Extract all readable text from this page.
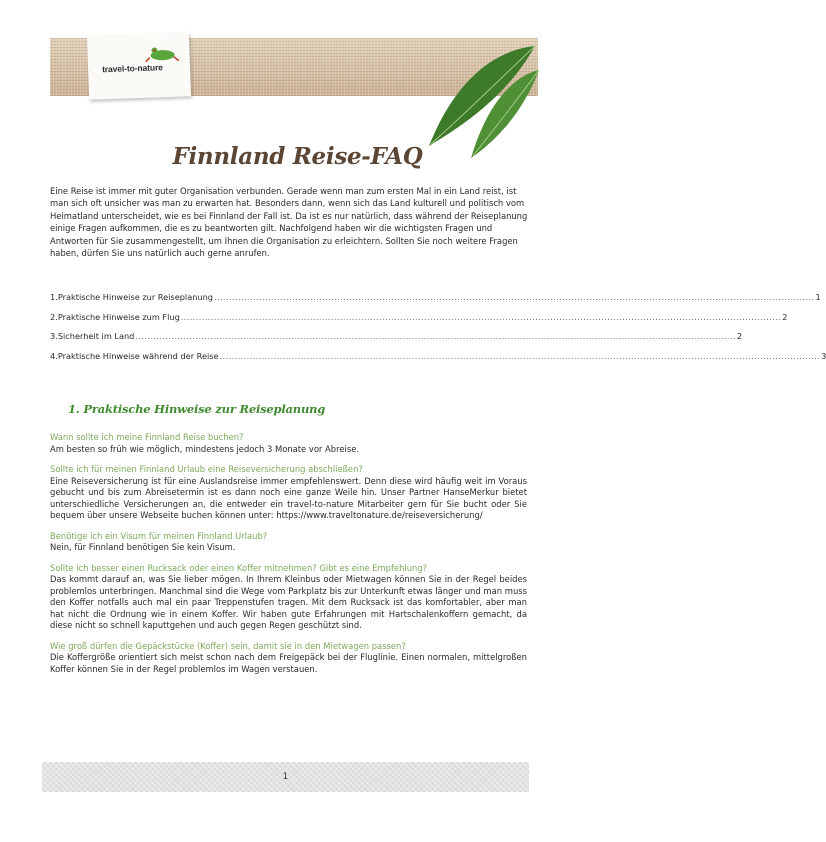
travel-to-nature
Finnland Reise-FAQ

Eine Reise ist immer mit guter Organisation verbunden. Gerade wenn man zum ersten Mal in ein Land reist, ist man sich oft unsicher was man zu erwarten hat. Besonders dann, wenn sich das Land kulturell und politisch vom Heimatland unterscheidet, wie es bei Finnland der Fall ist. Da ist es nur natürlich, dass während der Reiseplanung einige Fragen aufkommen, die es zu beantworten gilt. Nachfolgend haben wir die wichtigsten Fragen und Antworten für Sie zusammengestellt, um Ihnen die Organisation zu erleichtern. Sollten Sie noch weitere Fragen haben, dürfen Sie uns natürlich auch gerne anrufen.

1. Praktische Hinweise zur Reiseplanung ........................................................................................................................................................................................................ 1
2. Praktische Hinweise zum Flug ........................................................................................................................................................................................................ 2
3. Sicherheit im Land ........................................................................................................................................................................................................ 2
4. Praktische Hinweise während der Reise ........................................................................................................................................................................................................ 3
1. Praktische Hinweise zur Reiseplanung
Wann sollte ich meine Finnland Reise buchen?

Am besten so früh wie möglich, mindestens jedoch 3 Monate vor Abreise.

Sollte ich für meinen Finnland Urlaub eine Reiseversicherung abschließen?

Eine Reiseversicherung ist für eine Auslandsreise immer empfehlenswert. Denn diese wird häufig weit im Voraus gebucht und bis zum Abreisetermin ist es dann noch eine ganze Weile hin. Unser Partner HanseMerkur bietet unterschiedliche Versicherungen an, die entweder ein travel-to-nature Mitarbeiter gern für Sie bucht oder Sie bequem über unsere Webseite buchen können unter: https://www.traveltonature.de/reiseversicherung/

Benötige ich ein Visum für meinen Finnland Urlaub?

Nein, für Finnland benötigen Sie kein Visum.

Sollte ich besser einen Rucksack oder einen Koffer mitnehmen? Gibt es eine Empfehlung?

Das kommt darauf an, was Sie lieber mögen. In Ihrem Kleinbus oder Mietwagen können Sie in der Regel beides problemlos unterbringen. Manchmal sind die Wege vom Parkplatz bis zur Unterkunft etwas länger und man muss den Koffer notfalls auch mal ein paar Treppenstufen tragen. Mit dem Rucksack ist das komfortabler, aber man hat nicht die Ordnung wie in einem Koffer. Wir haben gute Erfahrungen mit Hartschalenkoffern gemacht, da diese nicht so schnell kaputtgehen und auch gegen Regen geschützt sind.

Wie groß dürfen die Gepäckstücke (Koffer) sein, damit sie in den Mietwagen passen?

Die Koffergröße orientiert sich meist schon nach dem Freigepäck bei der Fluglinie. Einen normalen, mittelgroßen Koffer können Sie in der Regel problemlos im Wagen verstauen.

1
